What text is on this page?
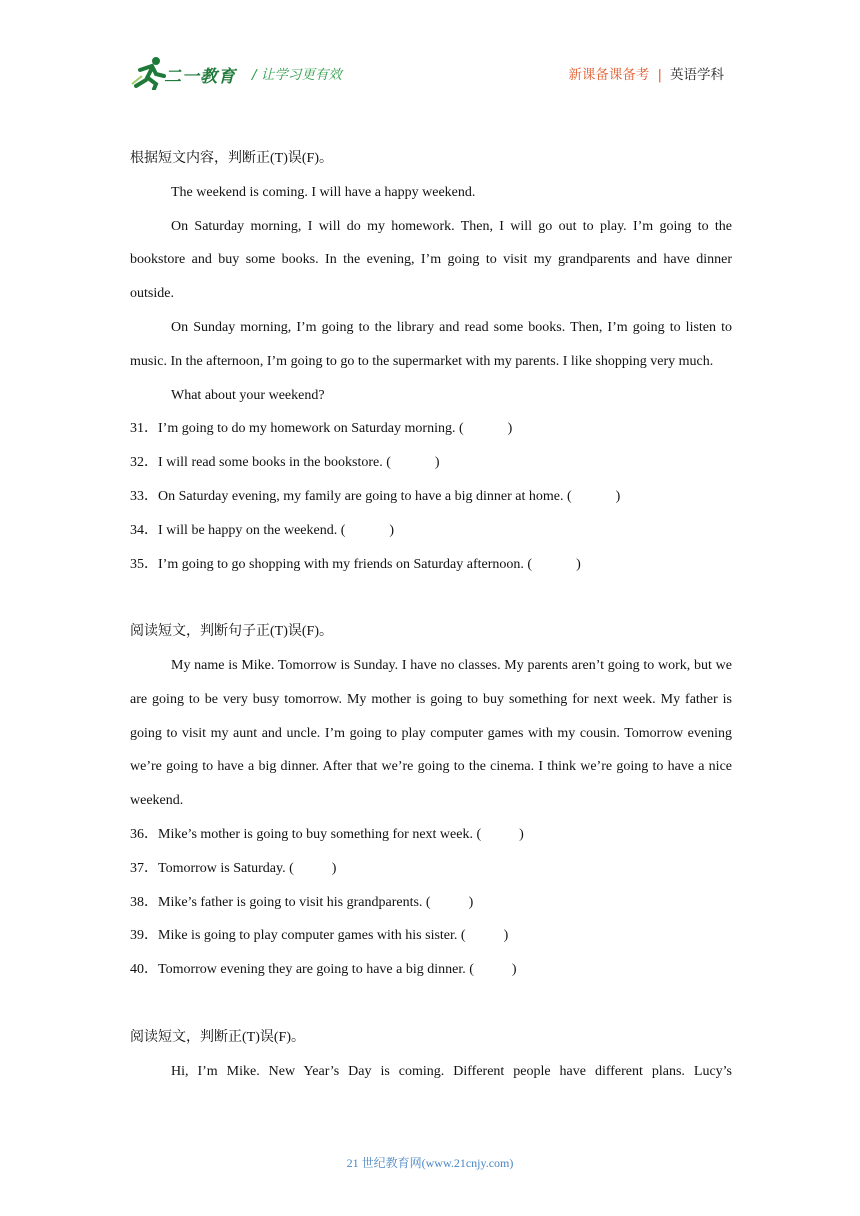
二一教育 / 让学习更有效	新课备课备考 | 英语学科

根据短文内容，判断正(T)误(F)。

The weekend is coming. I will have a happy weekend.

On Saturday morning, I will do my homework. Then, I will go out to play. I’m going to the bookstore and buy some books. In the evening, I’m going to visit my grandparents and have dinner outside.

On Sunday morning, I’m going to the library and read some books. Then, I’m going to listen to music. In the afternoon, I’m going to go to the supermarket with my parents. I like shopping very much.

What about your weekend?

31．I’m going to do my homework on Saturday morning. (	)

32．I will read some books in the bookstore. (	)

33．On Saturday evening, my family are going to have a big dinner at home. (	)

34．I will be happy on the weekend. (	)

35．I’m going to go shopping with my friends on Saturday afternoon. (	)

阅读短文，判断句子正(T)误(F)。

My name is Mike. Tomorrow is Sunday. I have no classes. My parents aren’t going to work, but we are going to be very busy tomorrow. My mother is going to buy something for next week. My father is going to visit my aunt and uncle. I’m going to play computer games with my cousin. Tomorrow evening we’re going to have a big dinner. After that we’re going to the cinema. I think we’re going to have a nice weekend.

36．Mike’s mother is going to buy something for next week. (	)

37．Tomorrow is Saturday. (	)

38．Mike’s father is going to visit his grandparents. (	)

39．Mike is going to play computer games with his sister. (	)

40．Tomorrow evening they are going to have a big dinner. (	)

阅读短文，判断正(T)误(F)。

Hi, I’m Mike. New Year’s Day is coming. Different people have different plans. Lucy’s

21 世纪教育网(www.21cnjy.com)
